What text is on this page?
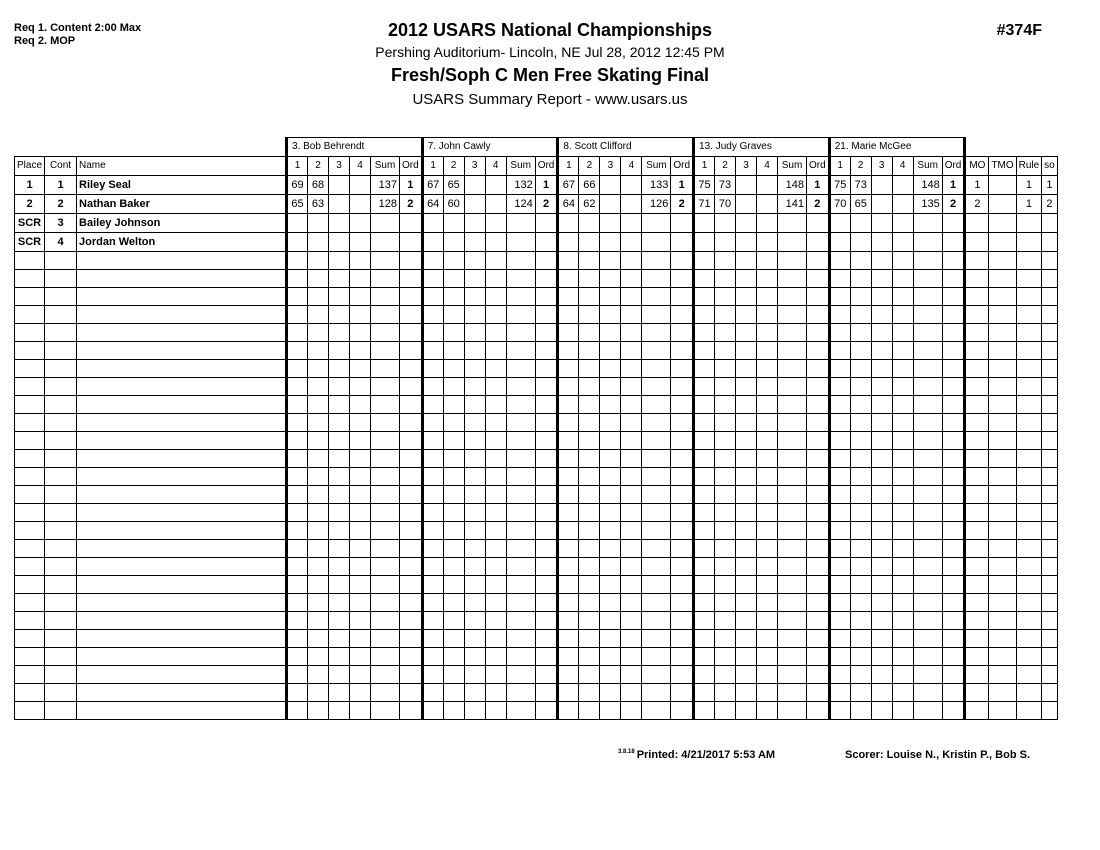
Req 1. Content 2:00 Max
Req 2. MOP
2012 USARS National Championships
Pershing Auditorium- Lincoln, NE Jul 28, 2012 12:45 PM
Fresh/Soph C Men Free Skating Final
USARS Summary Report - www.usars.us
#374F
			3. Bob Behrendt						7. John Cawly						8. Scott Clifford						13. Judy Graves						21. Marie McGee									
Place	Cont	Name	1	2	3	4	Sum	Ord	1	2	3	4	Sum	Ord	1	2	3	4	Sum	Ord	1	2	3	4	Sum	Ord	1	2	3	4	Sum	Ord	MO	TMO	Rule	so
1	1	Riley Seal	69	68			137	1	67	65			132	1	67	66			133	1	75	73			148	1	75	73			148	1	1		1	1
2	2	Nathan Baker	65	63			128	2	64	60			124	2	64	62			126	2	71	70			141	2	70	65			135	2	2		1	2
SCR	3	Bailey Johnson																																		
SCR	4	Jordan Welton																																		

$^{3.8.18}$ Printed: 4/21/2017 5:53 AM	Scorer: Louise N., Kristin P., Bob S.
